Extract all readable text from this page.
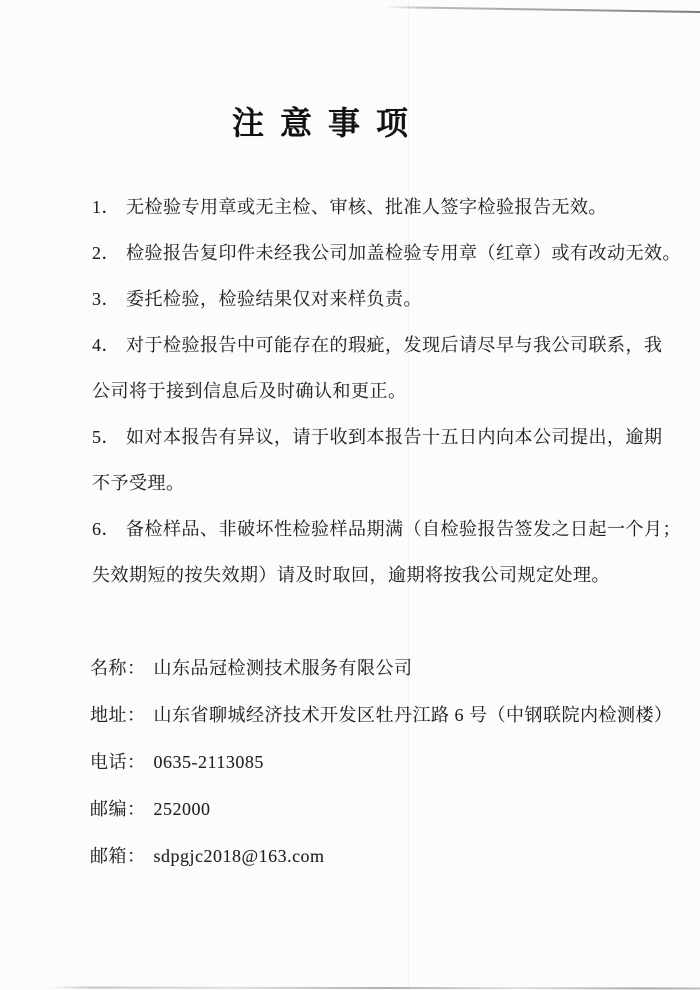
注意事项
1． 无检验专用章或无主检、审核、批准人签字检验报告无效。
2． 检验报告复印件未经我公司加盖检验专用章（红章）或有改动无效。
3． 委托检验，检验结果仅对来样负责。
4． 对于检验报告中可能存在的瑕疵，发现后请尽早与我公司联系，我
公司将于接到信息后及时确认和更正。
5． 如对本报告有异议，请于收到本报告十五日内向本公司提出，逾期
不予受理。
6． 备检样品、非破坏性检验样品期满（自检验报告签发之日起一个月；
失效期短的按失效期）请及时取回，逾期将按我公司规定处理。
名称： 山东品冠检测技术服务有限公司
地址： 山东省聊城经济技术开发区牡丹江路 6 号（中钢联院内检测楼）
电话： 0635-2113085
邮编： 252000
邮箱： sdpgjc2018@163.com
